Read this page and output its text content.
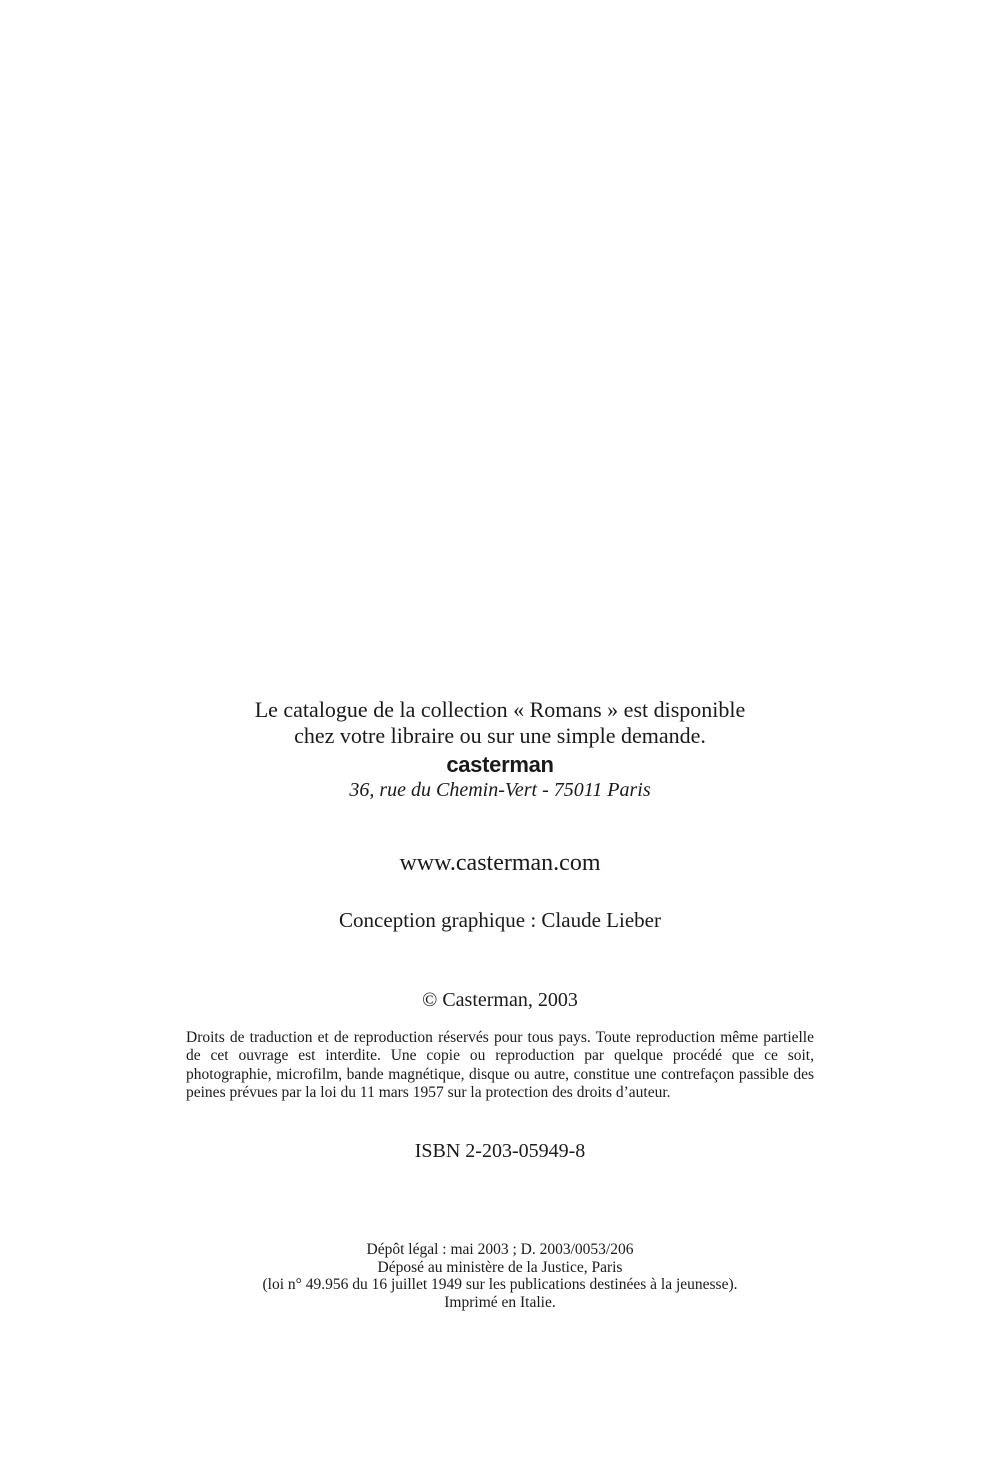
Le catalogue de la collection « Romans » est disponible
chez votre libraire ou sur une simple demande.
casterman
36, rue du Chemin-Vert - 75011 Paris
www.casterman.com
Conception graphique : Claude Lieber
© Casterman, 2003
Droits de traduction et de reproduction réservés pour tous pays. Toute reproduction même partielle de cet ouvrage est interdite. Une copie ou reproduction par quelque procédé que ce soit, photographie, microfilm, bande magnétique, disque ou autre, constitue une contrefaçon passible des peines prévues par la loi du 11 mars 1957 sur la protection des droits d’auteur.
ISBN 2-203-05949-8
Dépôt légal : mai 2003 ; D. 2003/0053/206
Déposé au ministère de la Justice, Paris
(loi n° 49.956 du 16 juillet 1949 sur les publications destinées à la jeunesse).
Imprimé en Italie.
